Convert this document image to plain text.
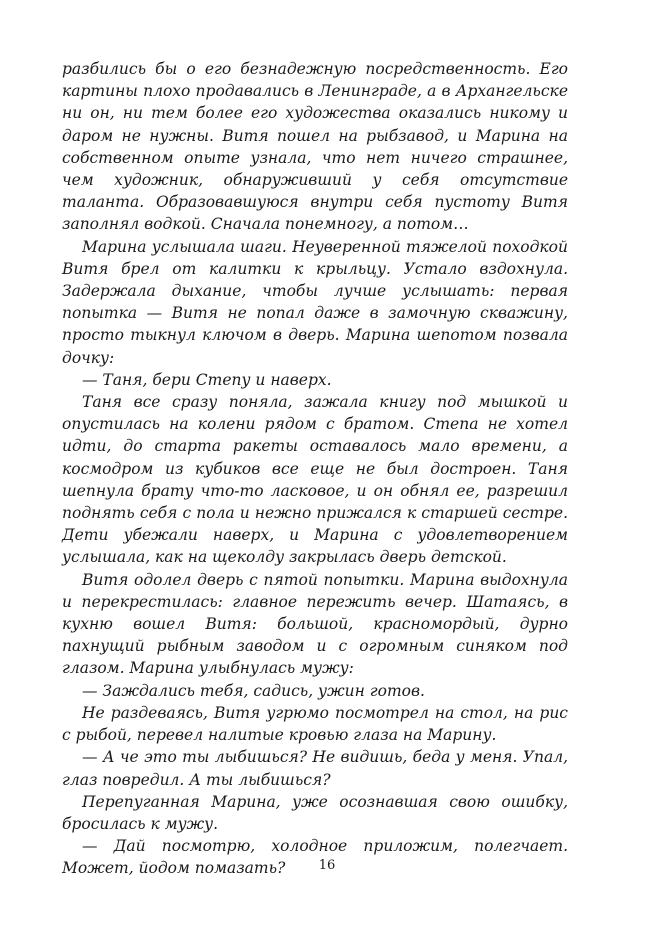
разбились бы о его безнадежную посредственность. Его картины плохо продавались в Ленинграде, а в Архангельске ни он, ни тем более его художества оказались никому и даром не нужны. Витя пошел на рыбзавод, и Марина на собственном опыте узнала, что нет ничего страшнее, чем художник, обнаруживший у себя отсутствие таланта. Образовавшуюся внутри себя пустоту Витя заполнял водкой. Сначала понемногу, а потом…

Марина услышала шаги. Неуверенной тяжелой походкой Витя брел от калитки к крыльцу. Устало вздохнула. Задержала дыхание, чтобы лучше услышать: первая попытка — Витя не попал даже в замочную скважину, просто тыкнул ключом в дверь. Марина шепотом позвала дочку:

— Таня, бери Степу и наверх.

Таня все сразу поняла, зажала книгу под мышкой и опустилась на колени рядом с братом. Степа не хотел идти, до старта ракеты оставалось мало времени, а космодром из кубиков все еще не был достроен. Таня шепнула брату что-то ласковое, и он обнял ее, разрешил поднять себя с пола и нежно прижался к старшей сестре. Дети убежали наверх, и Марина с удовлетворением услышала, как на щеколду закрылась дверь детской.

Витя одолел дверь с пятой попытки. Марина выдохнула и перекрестилась: главное пережить вечер. Шатаясь, в кухню вошел Витя: большой, красномордый, дурно пахнущий рыбным заводом и с огромным синяком под глазом. Марина улыбнулась мужу:

— Заждались тебя, садись, ужин готов.

Не раздеваясь, Витя угрюмо посмотрел на стол, на рис с рыбой, перевел налитые кровью глаза на Марину.

— А че это ты лыбишься? Не видишь, беда у меня. Упал, глаз повредил. А ты лыбишься?

Перепуганная Марина, уже осознавшая свою ошибку, бросилась к мужу.

— Дай посмотрю, холодное приложим, полегчает. Может, йодом помазать?	16
